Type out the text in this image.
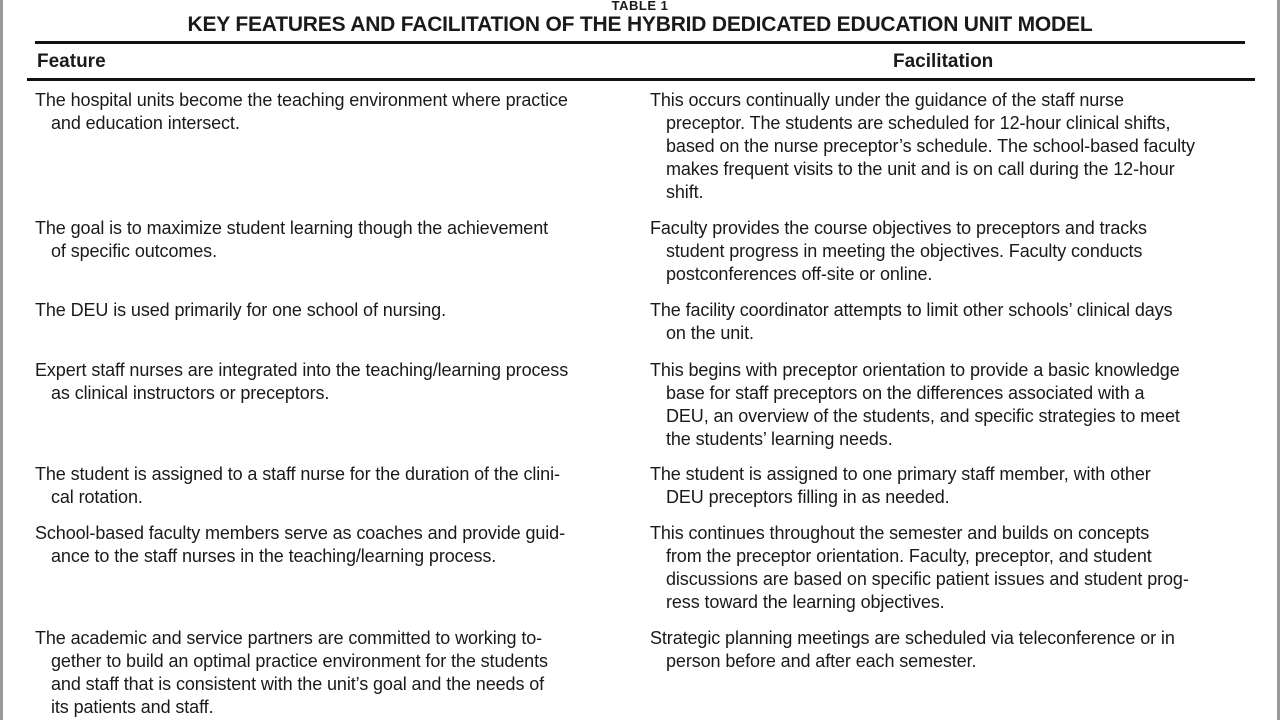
TABLE 1
KEY FEATURES AND FACILITATION OF THE HYBRID DEDICATED EDUCATION UNIT MODEL
Feature	Facilitation
The hospital units become the teaching environment where practice
and education intersect.
This occurs continually under the guidance of the staff nurse
preceptor. The students are scheduled for 12-hour clinical shifts,
based on the nurse preceptor’s schedule. The school-based faculty
makes frequent visits to the unit and is on call during the 12-hour
shift.
The goal is to maximize student learning though the achievement
of specific outcomes.
Faculty provides the course objectives to preceptors and tracks
student progress in meeting the objectives. Faculty conducts
postconferences off-site or online.
The DEU is used primarily for one school of nursing.	The facility coordinator attempts to limit other schools’ clinical days
on the unit.
Expert staff nurses are integrated into the teaching/learning process
as clinical instructors or preceptors.
This begins with preceptor orientation to provide a basic knowledge
base for staff preceptors on the differences associated with a
DEU, an overview of the students, and specific strategies to meet
the students’ learning needs.
The student is assigned to a staff nurse for the duration of the clini-
cal rotation.
The student is assigned to one primary staff member, with other
DEU preceptors filling in as needed.
School-based faculty members serve as coaches and provide guid-
ance to the staff nurses in the teaching/learning process.
This continues throughout the semester and builds on concepts
from the preceptor orientation. Faculty, preceptor, and student
discussions are based on specific patient issues and student prog-
ress toward the learning objectives.
The academic and service partners are committed to working to-
gether to build an optimal practice environment for the students
and staff that is consistent with the unit’s goal and the needs of
its patients and staff.
Strategic planning meetings are scheduled via teleconference or in
person before and after each semester.
